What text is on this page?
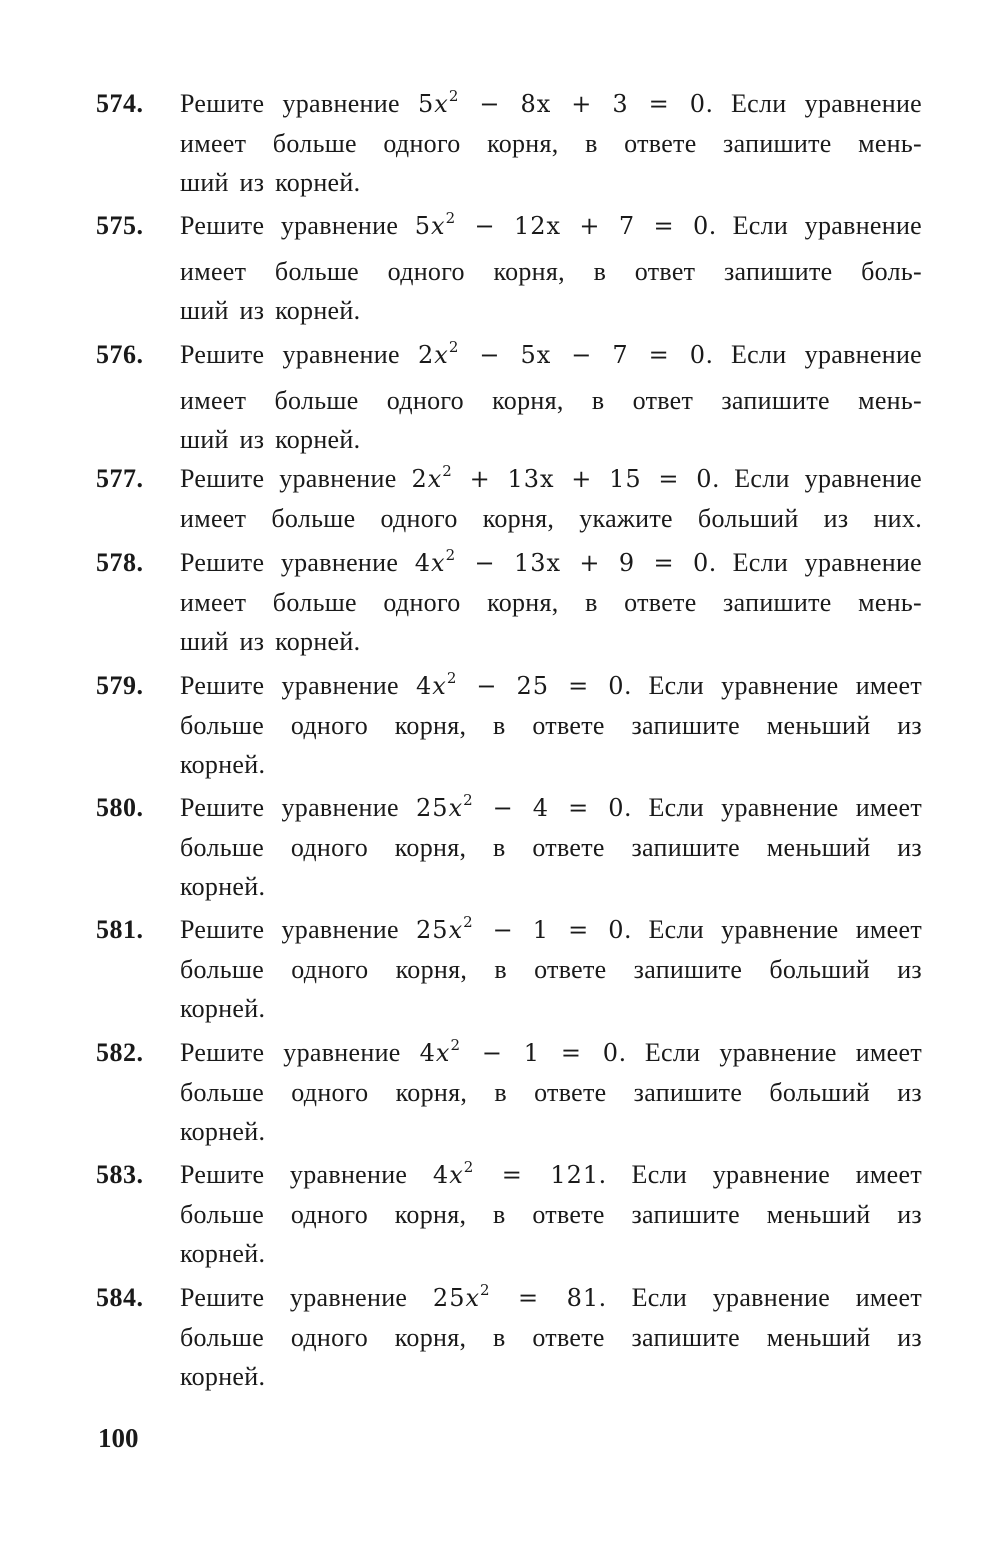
574.	Решите уравнение $5x^2 - 8x + 3 = 0$. Если уравнение
имеет больше одного корня, в ответе запишите мень-
ший из корней.
575.	Решите уравнение $5x^2 - 12x + 7 = 0$. Если уравнение
имеет больше одного корня, в ответ запишите боль-
ший из корней.
576.	Решите уравнение $2x^2 - 5x - 7 = 0$. Если уравнение
имеет больше одного корня, в ответ запишите мень-
ший из корней.
577.	Решите уравнение $2x^2 + 13x + 15 = 0$. Если уравнение
имеет больше одного корня, укажите больший из них.
578.	Решите уравнение $4x^2 - 13x + 9 = 0$. Если уравнение
имеет больше одного корня, в ответе запишите мень-
ший из корней.
579.	Решите уравнение $4x^2 - 25 = 0$. Если уравнение имеет
больше одного корня, в ответе запишите меньший из
корней.
580.	Решите уравнение $25x^2 - 4 = 0$. Если уравнение имеет
больше одного корня, в ответе запишите меньший из
корней.
581.	Решите уравнение $25x^2 - 1 = 0$. Если уравнение имеет
больше одного корня, в ответе запишите больший из
корней.
582.	Решите уравнение $4x^2 - 1 = 0$. Если уравнение имеет
больше одного корня, в ответе запишите больший из
корней.
583.	Решите уравнение $4x^2 = 121$. Если уравнение имеет
больше одного корня, в ответе запишите меньший из
корней.
584.	Решите уравнение $25x^2 = 81$. Если уравнение имеет
больше одного корня, в ответе запишите меньший из
корней.
100
